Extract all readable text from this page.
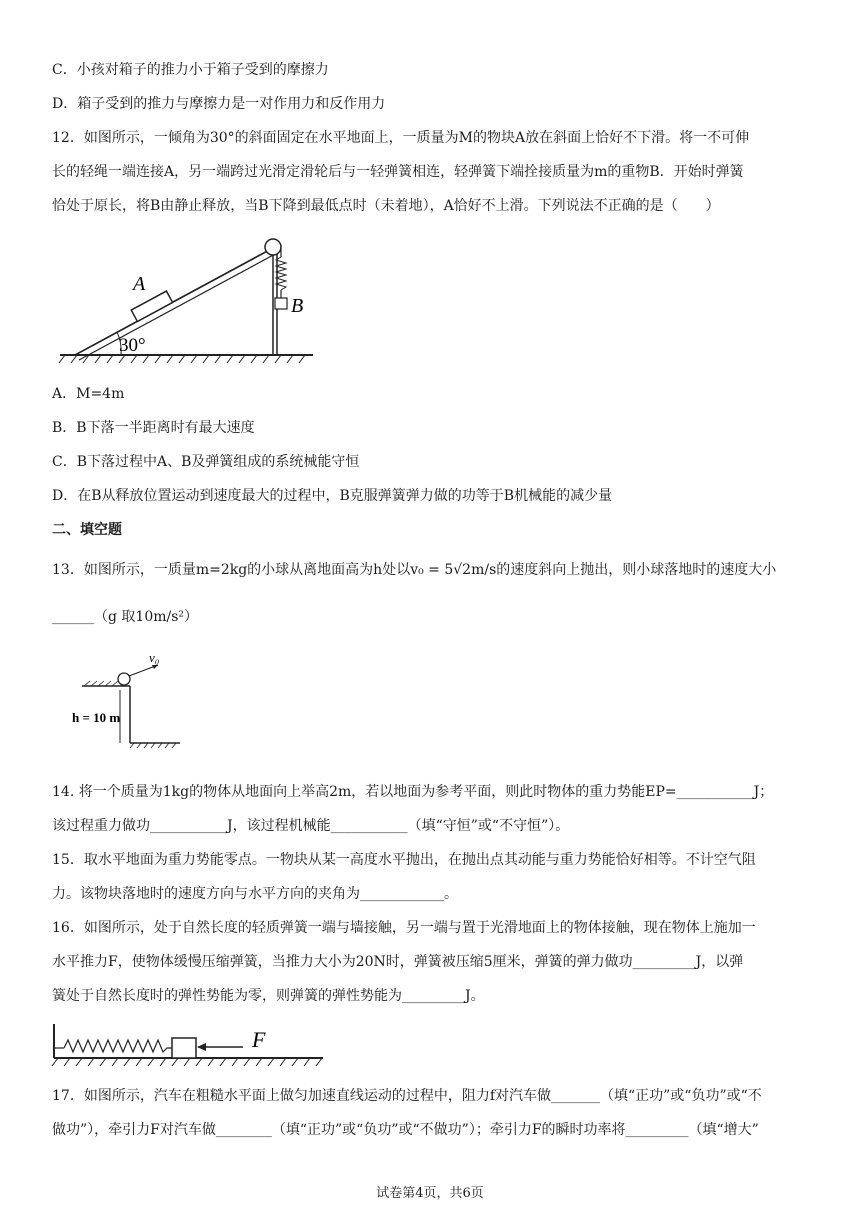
C．小孩对箱子的推力小于箱子受到的摩擦力
D．箱子受到的推力与摩擦力是一对作用力和反作用力
12．如图所示，一倾角为30°的斜面固定在水平地面上，一质量为M的物块A放在斜面上恰好不下滑。将一不可伸
长的轻绳一端连接A，另一端跨过光滑定滑轮后与一轻弹簧相连，轻弹簧下端拴接质量为m的重物B．开始时弹簧
恰处于原长，将B由静止释放，当B下降到最低点时（未着地），A恰好不上滑。下列说法不正确的是（　　）
A
B
30°
A．M=4m
B．B下落一半距离时有最大速度
C．B下落过程中A、B及弹簧组成的系统械能守恒
D．在B从释放位置运动到速度最大的过程中，B克服弹簧弹力做的功等于B机械能的减少量
二、填空题
13．如图所示，一质量m=2kg的小球从离地面高为h处以v₀ = 5√2m/s的速度斜向上抛出，则小球落地时的速度大小
______（g 取10m/s²）
v₀
h = 10 m
14. 将一个质量为1kg的物体从地面向上举高2m，若以地面为参考平面，则此时物体的重力势能EP=___________J；
该过程重力做功___________J，该过程机械能___________（填“守恒”或“不守恒”）。
15．取水平地面为重力势能零点。一物块从某一高度水平抛出，在抛出点其动能与重力势能恰好相等。不计空气阻
力。该物块落地时的速度方向与水平方向的夹角为____________。
16．如图所示，处于自然长度的轻质弹簧一端与墙接触，另一端与置于光滑地面上的物体接触，现在物体上施加一
水平推力F，使物体缓慢压缩弹簧，当推力大小为20N时，弹簧被压缩5厘米，弹簧的弹力做功_________J，以弹
簧处于自然长度时的弹性势能为零，则弹簧的弹性势能为_________J。
F
17．如图所示，汽车在粗糙水平面上做匀加速直线运动的过程中，阻力f对汽车做_______（填“正功”或“负功”或“不
做功”），牵引力F对汽车做________（填“正功”或“负功”或“不做功”）；牵引力F的瞬时功率将_________（填“增大”
试卷第4页，共6页
